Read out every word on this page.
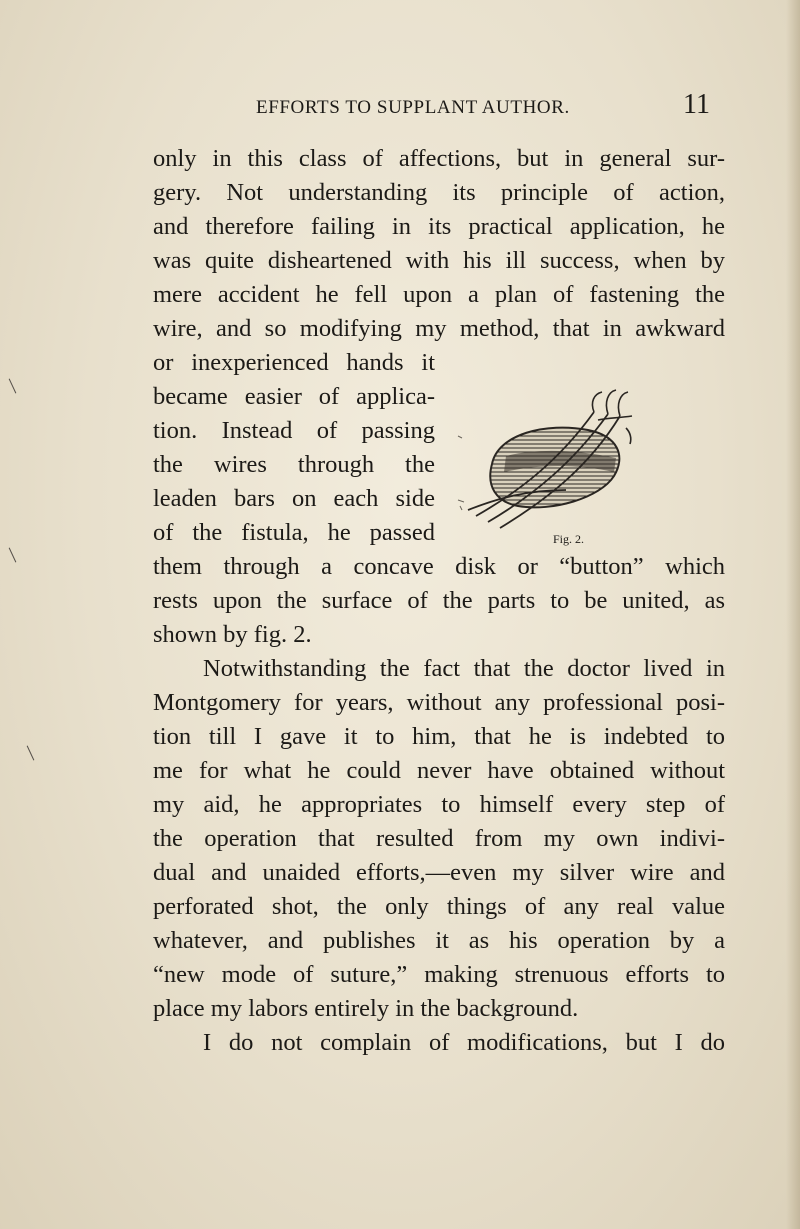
EFFORTS TO SUPPLANT AUTHOR.	11
only in this class of affections, but in general sur-
gery. Not understanding its principle of action,
and therefore failing in its practical application, he
was quite disheartened with his ill success, when by
mere accident he fell upon a plan of fastening the
wire, and so modifying my method, that in awkward
or inexperienced hands it
became easier of applica-
tion. Instead of passing
the wires through the
leaden bars on each side
of the fistula, he passed
them through a concave disk or “button” which
rests upon the surface of the parts to be united, as
shown by fig. 2.
Notwithstanding the fact that the doctor lived in
Montgomery for years, without any professional posi-
tion till I gave it to him, that he is indebted to
me for what he could never have obtained without
my aid, he appropriates to himself every step of
the operation that resulted from my own indivi-
dual and unaided efforts,—even my silver wire and
perforated shot, the only things of any real value
whatever, and publishes it as his operation by a
“new mode of suture,” making strenuous efforts to
place my labors entirely in the background.
I do not complain of modifications, but I do
Fig. 2.
